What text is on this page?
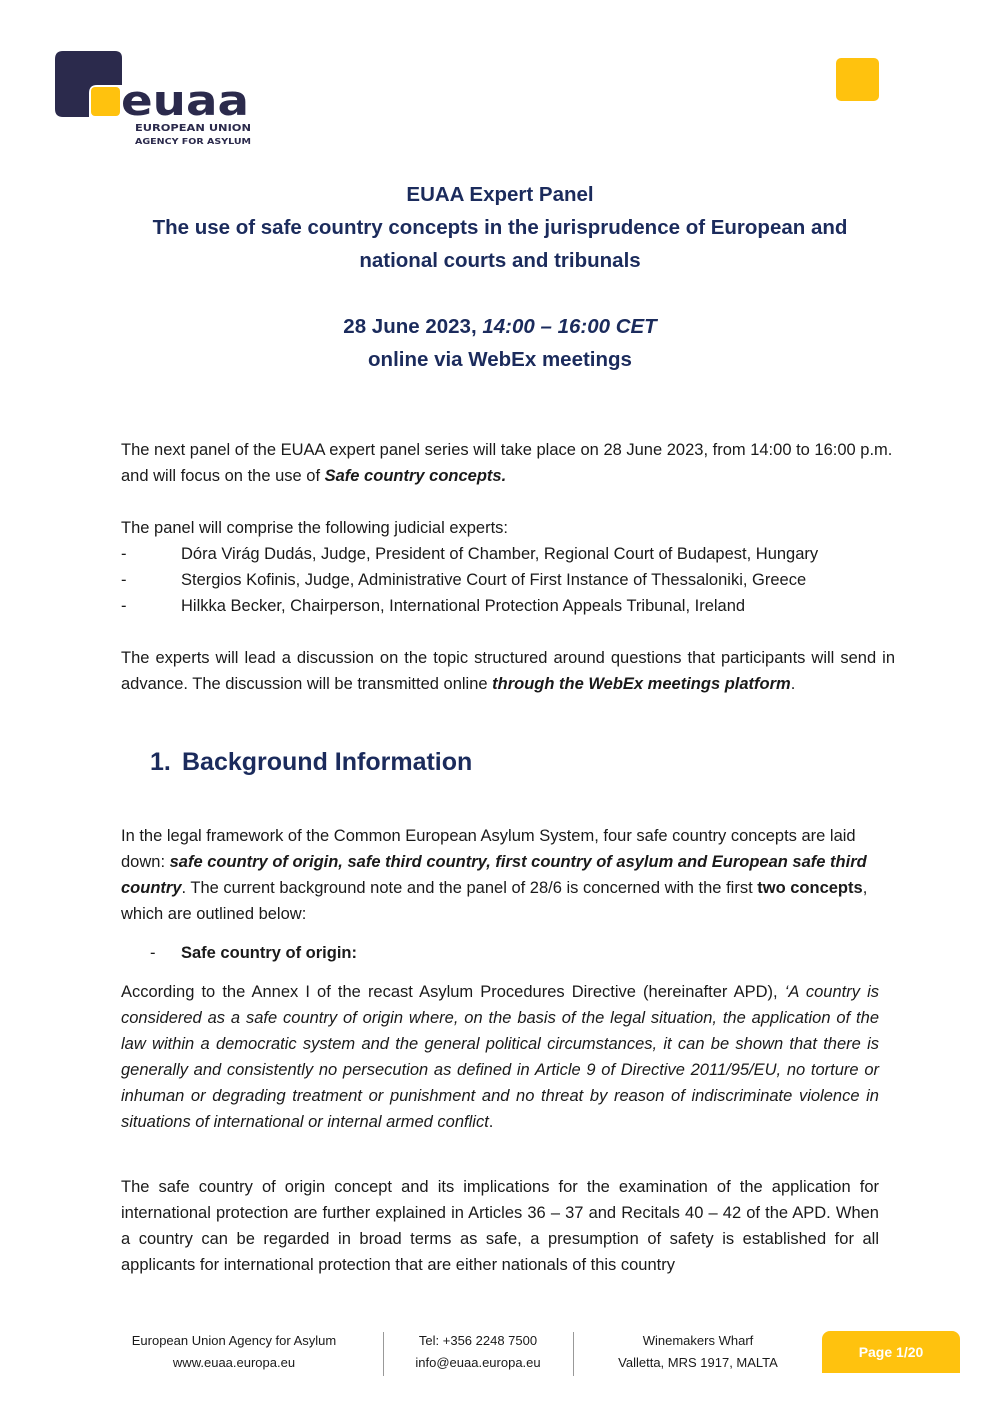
euaa
EUROPEAN UNION
AGENCY FOR ASYLUM
EUAA Expert Panel
The use of safe country concepts in the jurisprudence of European and
national courts and tribunals
28 June 2023, 14:00 – 16:00 CET
online via WebEx meetings
The next panel of the EUAA expert panel series will take place on 28 June 2023, from 14:00 to 16:00 p.m. and will focus on the use of Safe country concepts.
The panel will comprise the following judicial experts:
-	Dóra Virág Dudás, Judge, President of Chamber, Regional Court of Budapest, Hungary
-	Stergios Kofinis, Judge, Administrative Court of First Instance of Thessaloniki, Greece
-	Hilkka Becker, Chairperson, International Protection Appeals Tribunal, Ireland
The experts will lead a discussion on the topic structured around questions that participants will send in advance. The discussion will be transmitted online through the WebEx meetings platform.
1. Background Information
In the legal framework of the Common European Asylum System, four safe country concepts are laid down: safe country of origin, safe third country, first country of asylum and European safe third country. The current background note and the panel of 28/6 is concerned with the first two concepts, which are outlined below:
-	Safe country of origin:
According to the Annex I of the recast Asylum Procedures Directive (hereinafter APD), ‘A country is considered as a safe country of origin where, on the basis of the legal situation, the application of the law within a democratic system and the general political circumstances, it can be shown that there is generally and consistently no persecution as defined in Article 9 of Directive 2011/95/EU, no torture or inhuman or degrading treatment or punishment and no threat by reason of indiscriminate violence in situations of international or internal armed conflict.
The safe country of origin concept and its implications for the examination of the application for international protection are further explained in Articles 36 – 37 and Recitals 40 – 42 of the APD. When a country can be regarded in broad terms as safe, a presumption of safety is established for all applicants for international protection that are either nationals of this country
European Union Agency for Asylum
www.euaa.europa.eu
Tel: +356 2248 7500
info@euaa.europa.eu
Winemakers Wharf
Valletta, MRS 1917, MALTA
Page 1/20
